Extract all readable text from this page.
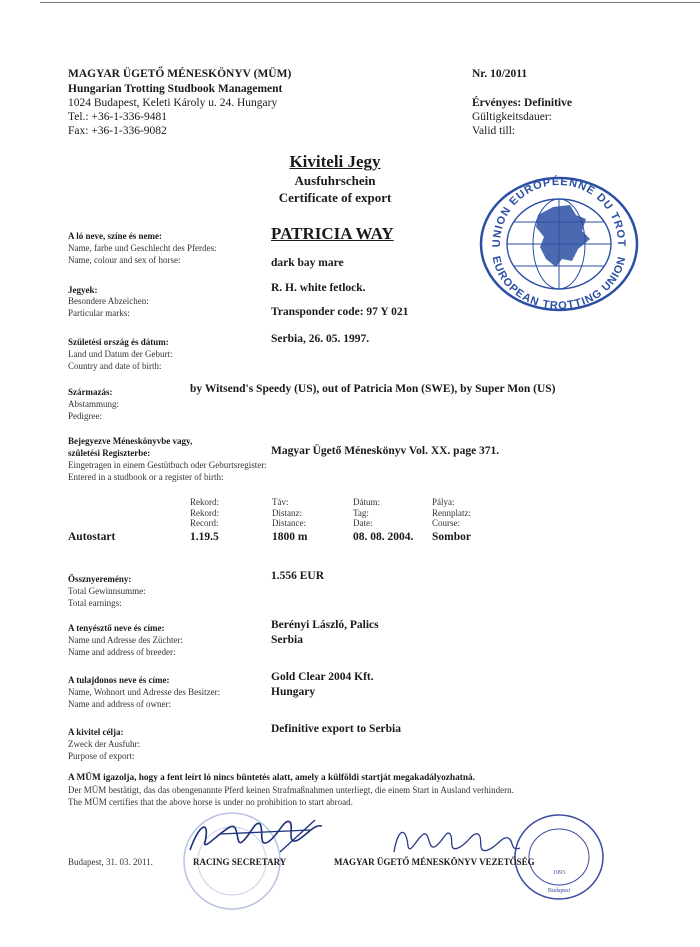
MAGYAR ÜGETŐ MÉNESKÖNYV (MÜM)
Hungarian Trotting Studbook Management
1024 Budapest, Keleti Károly u. 24. Hungary
Tel.: +36-1-336-9481
Fax: +36-1-336-9082
Nr. 10/2011
Érvényes: Definitive
Gültigkeitsdauer:
Valid till:
Kiviteli Jegy
Ausfuhrschein
Certificate of export
UNION EUROPÉENNE DU TROT
EUROPEAN TROTTING UNION
A ló neve, színe és neme:
Name, farbe und Geschlecht des Pferdes:
Name, colour and sex of horse:
PATRICIA WAY
dark bay mare
Jegyek:
Besondere Abzeichen:
Particular marks:
R. H. white fetlock.
Transponder code: 97 Y 021
Születési ország és dátum:
Land und Datum der Geburt:
Country and date of birth:
Serbia, 26. 05. 1997.
Származás:
Abstammung:
Pedigree:
by Witsend's Speedy (US), out of Patricia Mon (SWE), by Super Mon (US)
Bejegyezve Méneskönyvbe vagy,
születési Regiszterbe:
Eingetragen in einem Gestütbuch oder Geburtsregister:
Entered in a studbook or a register of birth:
Magyar Ügető Méneskönyv Vol. XX. page 371.
Rekord:
Rekord:
Record:
Táv:
Distanz:
Distance:
Dátum:
Tag:
Date:
Pálya:
Rennplatz:
Course:
Autostart	1.19.5	1800 m	08. 08. 2004. Sombor
Össznyeremény:
Total Gewinnsumme:
Total earnings:
1.556 EUR
A tenyésztő neve és címe:
Name und Adresse des Züchter:
Name and address of breeder:
Berényi László, Palics
Serbia
A tulajdonos neve és címe:
Name, Wohnort und Adresse des Besitzer:
Name and address of owner:
Gold Clear 2004 Kft.
Hungary
A kivitel célja:
Zweck der Ausfuhr:
Purpose of export:
Definitive export to Serbia
A MÜM igazolja, hogy a fent leírt ló nincs büntetés alatt, amely a külföldi startját megakadályozhatná.
Der MÜM bestätigt, das das obengenannte Pferd keinen Strafmaßnahmen unterliegt, die einem Start in Ausland verhindern.
The MÜM certifies that the above horse is under no prohibition to start abroad.
1993
Budapest
Budapest, 31. 03. 2011.	RACING SECRETARY	MAGYAR ÜGETŐ MÉNESKÖNYV VEZETŐSÉG
